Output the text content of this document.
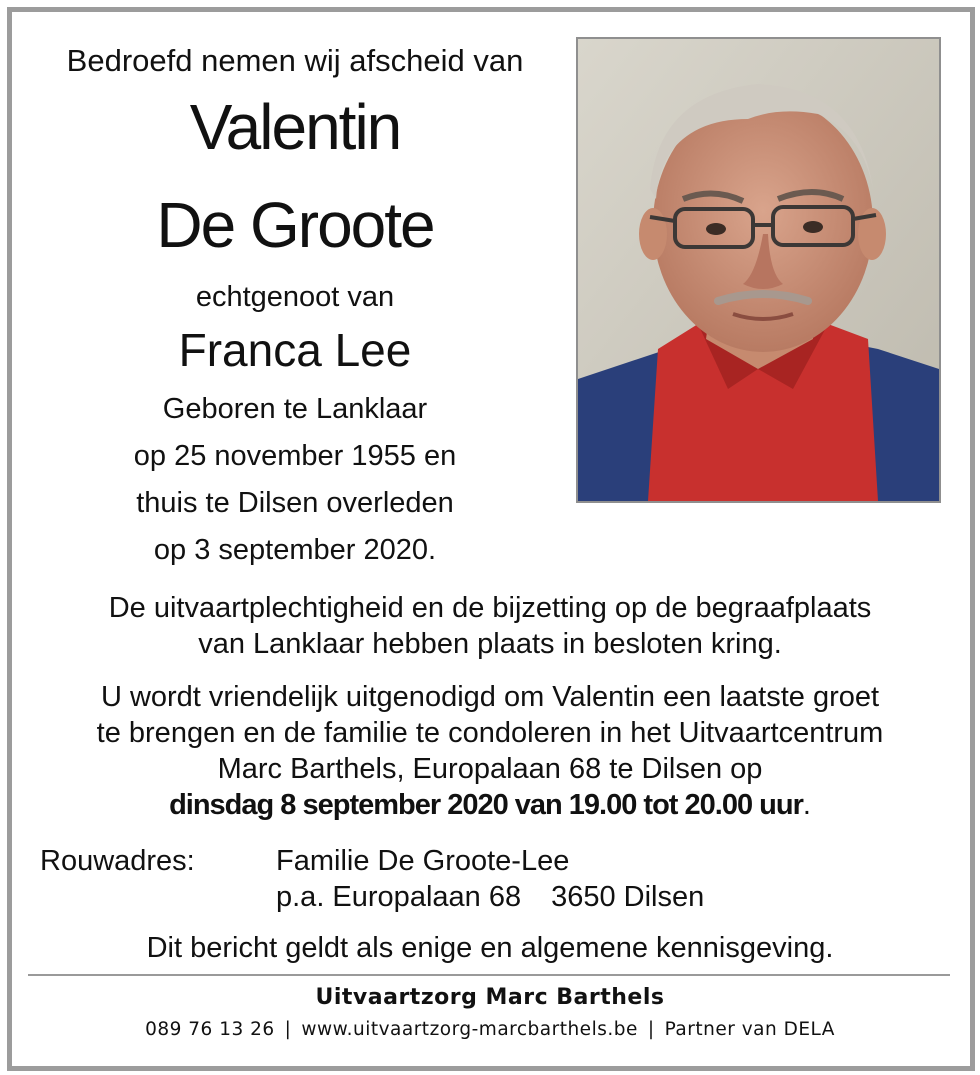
Bedroefd nemen wij afscheid van
Valentin
De Groote
echtgenoot van
Franca Lee
Geboren te Lanklaar
op 25 november 1955 en
thuis te Dilsen overleden
op 3 september 2020.
De uitvaartplechtigheid en de bijzetting op de begraafplaats
van Lanklaar hebben plaats in besloten kring.
U wordt vriendelijk uitgenodigd om Valentin een laatste groet
te brengen en de familie te condoleren in het Uitvaartcentrum
Marc Barthels, Europalaan 68 te Dilsen op
dinsdag 8 september 2020 van 19.00 tot 20.00 uur.
Rouwadres:	Familie De Groote-Lee
p.a. Europalaan 68 3650 Dilsen
Dit bericht geldt als enige en algemene kennisgeving.
Uitvaartzorg Marc Barthels
089 76 13 26 | www.uitvaartzorg-marcbarthels.be | Partner van DELA
